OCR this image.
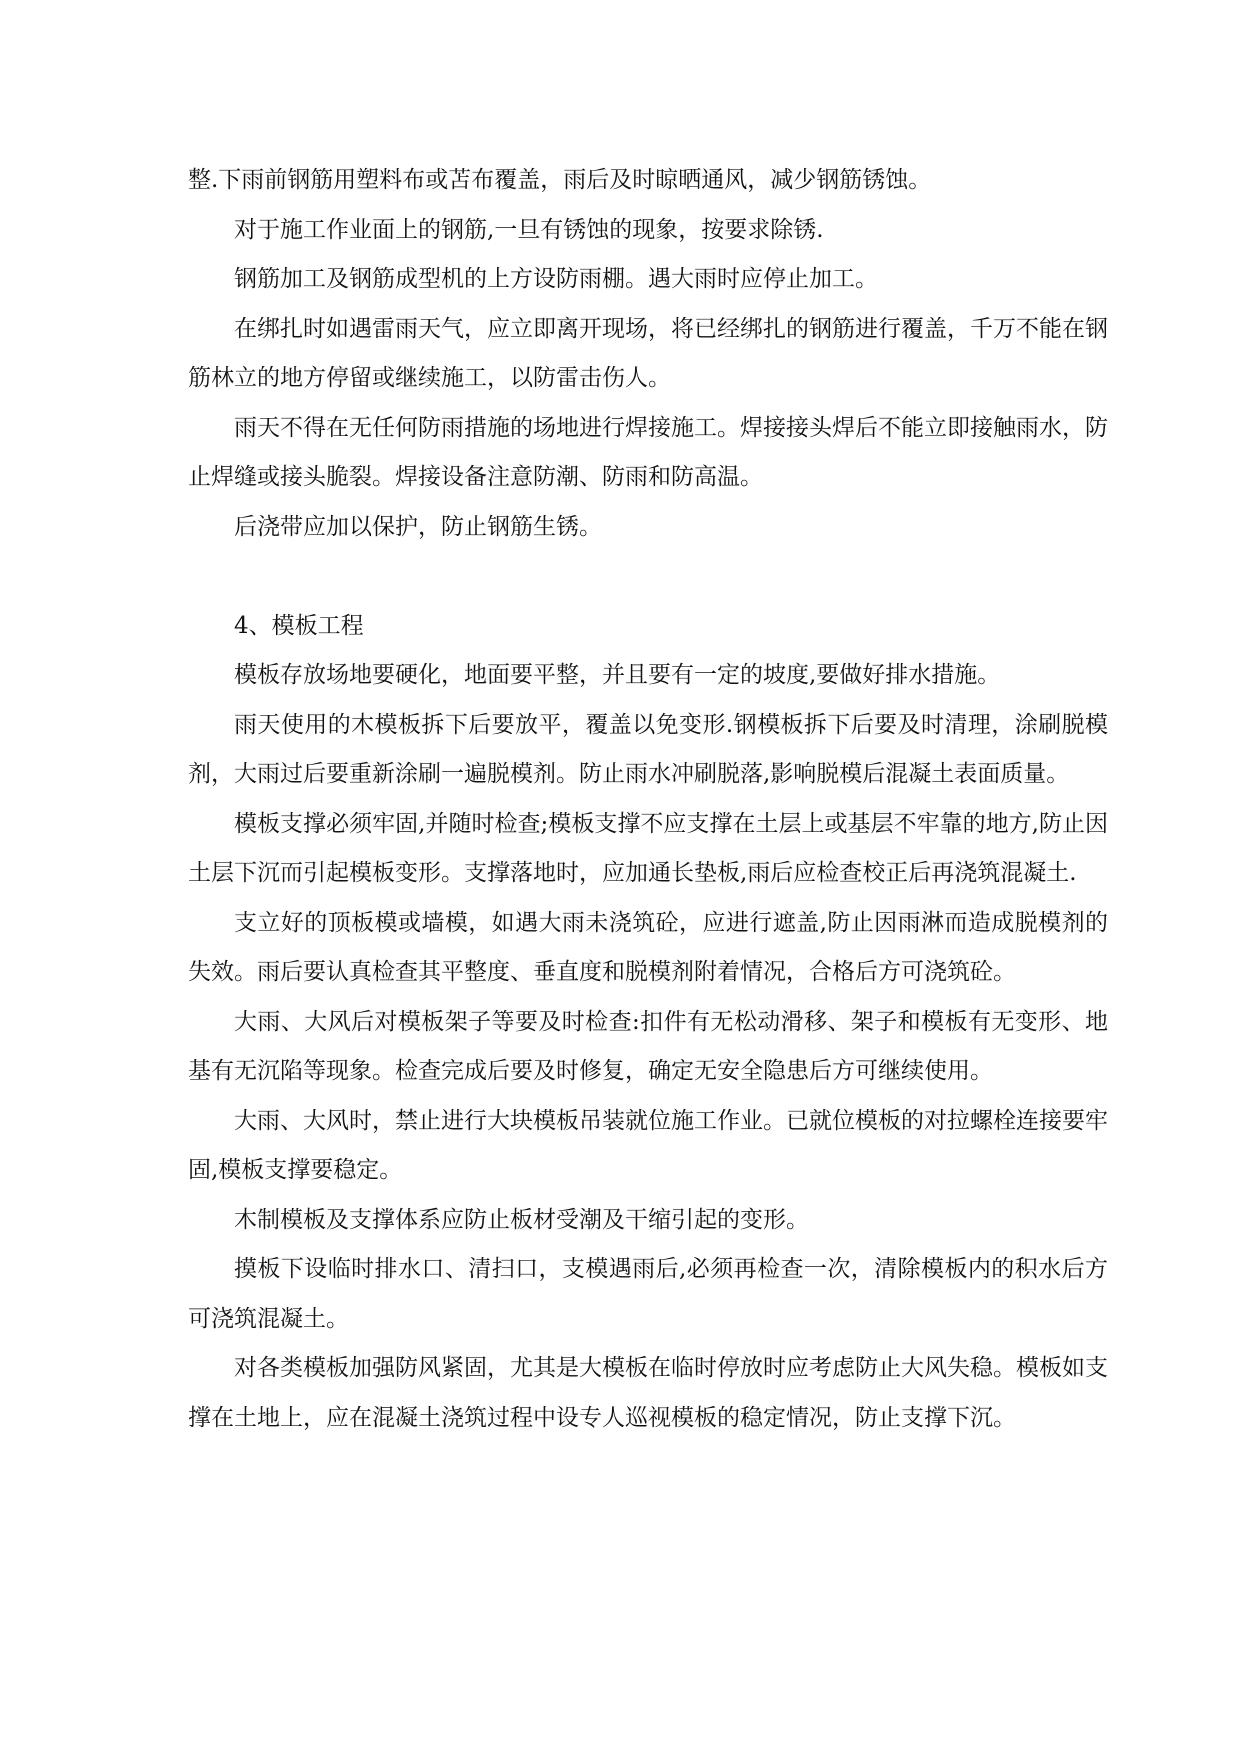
整.下雨前钢筋用塑料布或苫布覆盖，雨后及时晾晒通风，减少钢筋锈蚀。

对于施工作业面上的钢筋,一旦有锈蚀的现象，按要求除锈.

钢筋加工及钢筋成型机的上方设防雨棚。遇大雨时应停止加工。

在绑扎时如遇雷雨天气，应立即离开现场，将已经绑扎的钢筋进行覆盖，千万不能在钢筋林立的地方停留或继续施工，以防雷击伤人。

雨天不得在无任何防雨措施的场地进行焊接施工。焊接接头焊后不能立即接触雨水，防止焊缝或接头脆裂。焊接设备注意防潮、防雨和防高温。

后浇带应加以保护，防止钢筋生锈。

4、模板工程

模板存放场地要硬化，地面要平整，并且要有一定的坡度,要做好排水措施。

雨天使用的木模板拆下后要放平，覆盖以免变形.钢模板拆下后要及时清理，涂刷脱模剂，大雨过后要重新涂刷一遍脱模剂。防止雨水冲刷脱落,影响脱模后混凝土表面质量。

模板支撑必须牢固,并随时检查;模板支撑不应支撑在土层上或基层不牢靠的地方,防止因土层下沉而引起模板变形。支撑落地时，应加通长垫板,雨后应检查校正后再浇筑混凝土.

支立好的顶板模或墙模，如遇大雨未浇筑砼，应进行遮盖,防止因雨淋而造成脱模剂的失效。雨后要认真检查其平整度、垂直度和脱模剂附着情况，合格后方可浇筑砼。

大雨、大风后对模板架子等要及时检查:扣件有无松动滑移、架子和模板有无变形、地基有无沉陷等现象。检查完成后要及时修复，确定无安全隐患后方可继续使用。

大雨、大风时，禁止进行大块模板吊装就位施工作业。已就位模板的对拉螺栓连接要牢固,模板支撑要稳定。

木制模板及支撑体系应防止板材受潮及干缩引起的变形。

摸板下设临时排水口、清扫口，支模遇雨后,必须再检查一次，清除模板内的积水后方可浇筑混凝土。

对各类模板加强防风紧固，尤其是大模板在临时停放时应考虑防止大风失稳。模板如支撑在土地上，应在混凝土浇筑过程中设专人巡视模板的稳定情况，防止支撑下沉。
